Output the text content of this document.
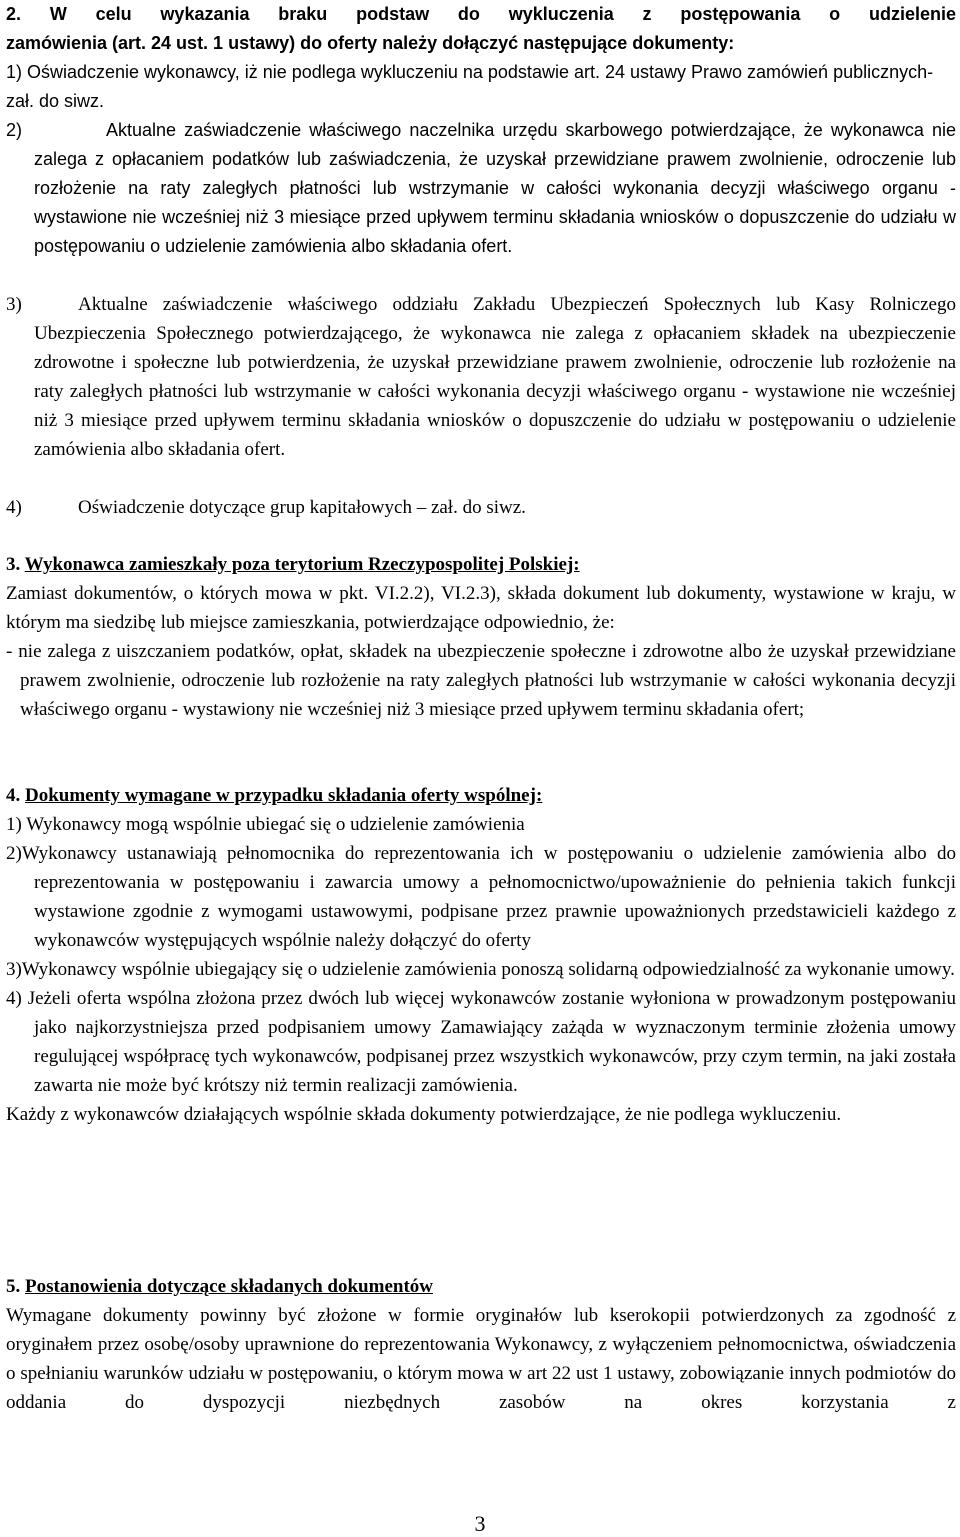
2. W celu wykazania braku podstaw do wykluczenia z postępowania o udzielenie

zamówienia (art. 24 ust. 1 ustawy) do oferty należy dołączyć następujące dokumenty:

1) Oświadczenie wykonawcy, iż nie podlega wykluczeniu na podstawie art. 24 ustawy Prawo zamówień publicznych- zał. do siwz.

2)	Aktualne zaświadczenie właściwego naczelnika urzędu skarbowego potwierdzające, że wykonawca nie zalega z opłacaniem podatków lub zaświadczenia, że uzyskał przewidziane prawem zwolnienie, odroczenie lub rozłożenie na raty zaległych płatności lub wstrzymanie w całości wykonania decyzji właściwego organu - wystawione nie wcześniej niż 3 miesiące przed upływem terminu składania wniosków o dopuszczenie do udziału w postępowaniu o udzielenie zamówienia albo składania ofert.

3)	Aktualne zaświadczenie właściwego oddziału Zakładu Ubezpieczeń Społecznych lub Kasy Rolniczego Ubezpieczenia Społecznego potwierdzającego, że wykonawca nie zalega z opłacaniem składek na ubezpieczenie zdrowotne i społeczne lub potwierdzenia, że uzyskał przewidziane prawem zwolnienie, odroczenie lub rozłożenie na raty zaległych płatności lub wstrzymanie w całości wykonania decyzji właściwego organu - wystawione nie wcześniej niż 3 miesiące przed upływem terminu składania wniosków o dopuszczenie do udziału w postępowaniu o udzielenie zamówienia albo składania ofert.

4)	Oświadczenie dotyczące grup kapitałowych – zał. do siwz.

3. Wykonawca zamieszkały poza terytorium Rzeczypospolitej Polskiej:

Zamiast dokumentów, o których mowa w pkt. VI.2.2), VI.2.3), składa dokument lub dokumenty, wystawione w kraju, w którym ma siedzibę lub miejsce zamieszkania, potwierdzające odpowiednio, że:

- nie zalega z uiszczaniem podatków, opłat, składek na ubezpieczenie społeczne i zdrowotne albo że uzyskał przewidziane prawem zwolnienie, odroczenie lub rozłożenie na raty zaległych płatności lub wstrzymanie w całości wykonania decyzji właściwego organu - wystawiony nie wcześniej niż 3 miesiące przed upływem terminu składania ofert;

4. Dokumenty wymagane w przypadku składania oferty wspólnej:

1) Wykonawcy mogą wspólnie ubiegać się o udzielenie zamówienia

2)Wykonawcy ustanawiają pełnomocnika do reprezentowania ich w postępowaniu o udzielenie zamówienia albo do reprezentowania w postępowaniu i zawarcia umowy a pełnomocnictwo/upoważnienie do pełnienia takich funkcji wystawione zgodnie z wymogami ustawowymi, podpisane przez prawnie upoważnionych przedstawicieli każdego z wykonawców występujących wspólnie należy dołączyć do oferty

3)Wykonawcy wspólnie ubiegający się o udzielenie zamówienia ponoszą solidarną odpowiedzialność za wykonanie umowy.

4) Jeżeli oferta wspólna złożona przez dwóch lub więcej wykonawców zostanie wyłoniona w prowadzonym postępowaniu jako najkorzystniejsza przed podpisaniem umowy Zamawiający zażąda w wyznaczonym terminie złożenia umowy regulującej współpracę tych wykonawców, podpisanej przez wszystkich wykonawców, przy czym termin, na jaki została zawarta nie może być krótszy niż termin realizacji zamówienia.

Każdy z wykonawców działających wspólnie składa dokumenty potwierdzające, że nie podlega wykluczeniu.

5. Postanowienia dotyczące składanych dokumentów

Wymagane dokumenty powinny być złożone w formie oryginałów lub kserokopii potwierdzonych za zgodność z oryginałem przez osobę/osoby uprawnione do reprezentowania Wykonawcy, z wyłączeniem pełnomocnictwa, oświadczenia o spełnianiu warunków udziału w postępowaniu, o którym mowa w art 22 ust 1 ustawy, zobowiązanie innych podmiotów do oddania do dyspozycji niezbędnych zasobów na okres korzystania z

3
